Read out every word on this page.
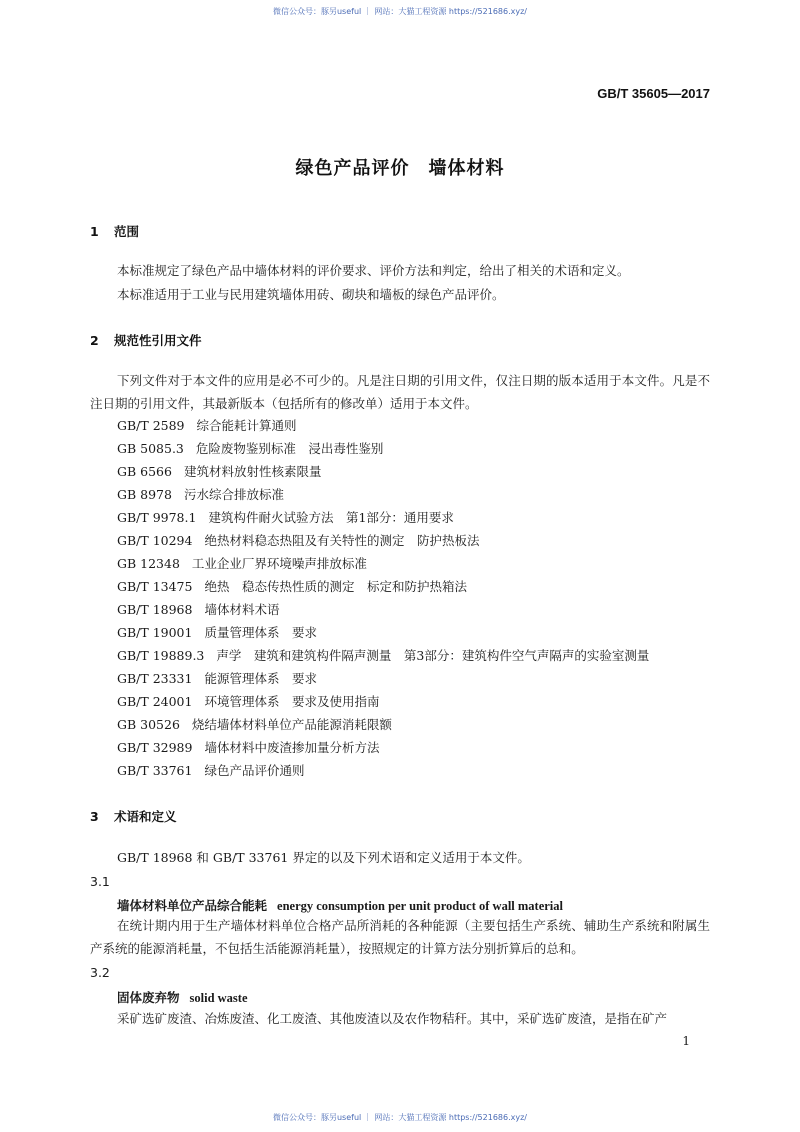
微信公众号：豚另useful ｜ 网站：大猫工程资源 https://521686.xyz/
GB/T 35605—2017
绿色产品评价　墙体材料
1 范围
本标准规定了绿色产品中墙体材料的评价要求、评价方法和判定，给出了相关的术语和定义。
本标准适用于工业与民用建筑墙体用砖、砌块和墙板的绿色产品评价。
2 规范性引用文件
下列文件对于本文件的应用是必不可少的。凡是注日期的引用文件，仅注日期的版本适用于本文件。凡是不注日期的引用文件，其最新版本（包括所有的修改单）适用于本文件。
GB/T 2589 综合能耗计算通则
GB 5085.3 危险废物鉴别标准　浸出毒性鉴别
GB 6566 建筑材料放射性核素限量
GB 8978 污水综合排放标准
GB/T 9978.1 建筑构件耐火试验方法　第1部分：通用要求
GB/T 10294 绝热材料稳态热阻及有关特性的测定　防护热板法
GB 12348 工业企业厂界环境噪声排放标准
GB/T 13475 绝热　稳态传热性质的测定　标定和防护热箱法
GB/T 18968 墙体材料术语
GB/T 19001 质量管理体系　要求
GB/T 19889.3 声学　建筑和建筑构件隔声测量　第3部分：建筑构件空气声隔声的实验室测量
GB/T 23331 能源管理体系　要求
GB/T 24001 环境管理体系　要求及使用指南
GB 30526 烧结墙体材料单位产品能源消耗限额
GB/T 32989 墙体材料中废渣掺加量分析方法
GB/T 33761 绿色产品评价通则
3 术语和定义
GB/T 18968 和 GB/T 33761 界定的以及下列术语和定义适用于本文件。
3.1
墙体材料单位产品综合能耗 energy consumption per unit product of wall material
在统计期内用于生产墙体材料单位合格产品所消耗的各种能源（主要包括生产系统、辅助生产系统和附属生产系统的能源消耗量，不包括生活能源消耗量），按照规定的计算方法分别折算后的总和。
3.2
固体废弃物 solid waste
采矿选矿废渣、冶炼废渣、化工废渣、其他废渣以及农作物秸秆。其中，采矿选矿废渣，是指在矿产
1
微信公众号：豚另useful ｜ 网站：大猫工程资源 https://521686.xyz/
